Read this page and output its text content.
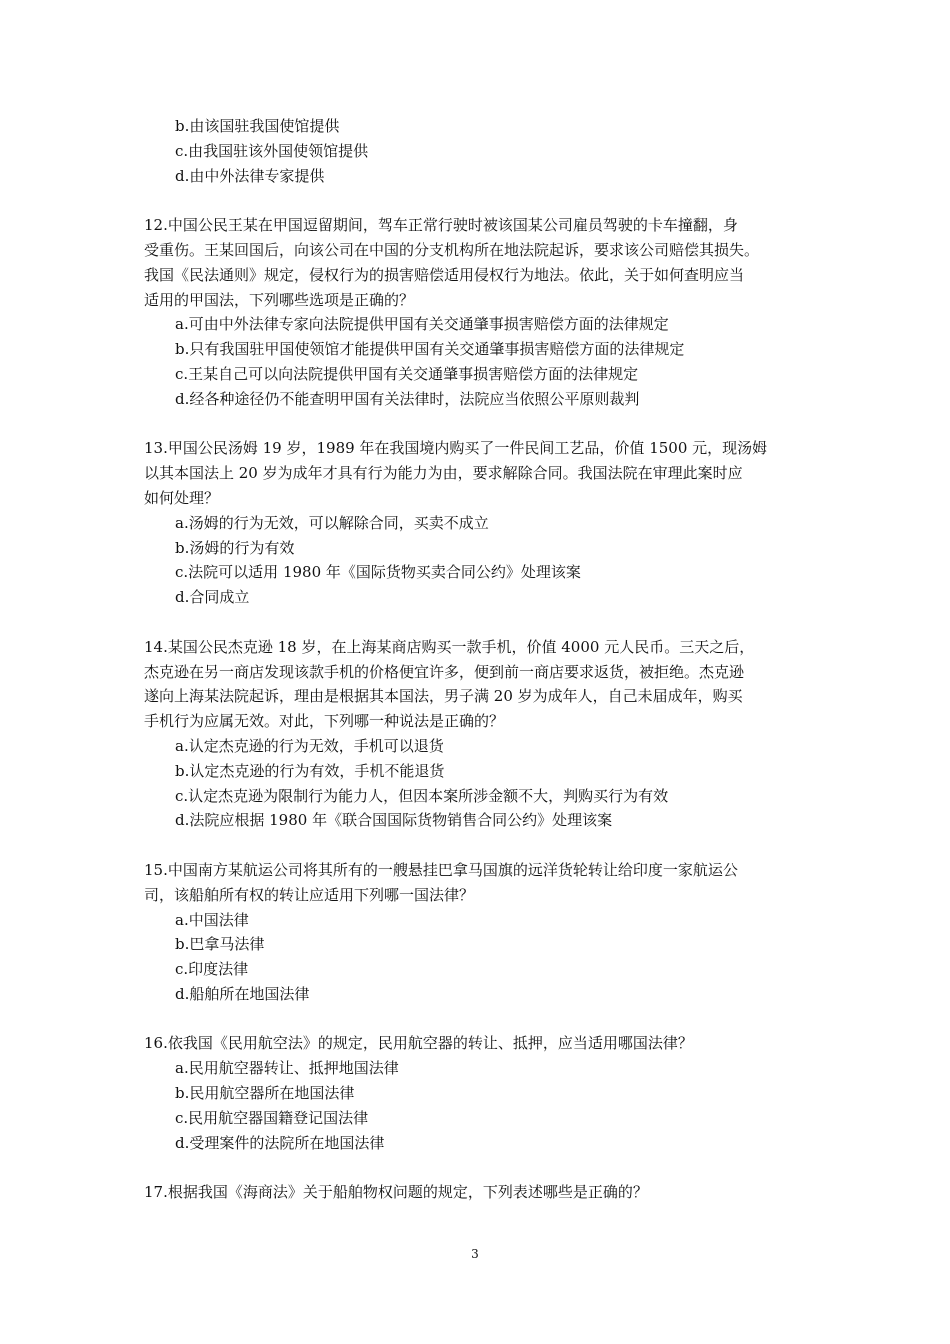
b.由该国驻我国使馆提供
c.由我国驻该外国使领馆提供
d.由中外法律专家提供
12.中国公民王某在甲国逗留期间，驾车正常行驶时被该国某公司雇员驾驶的卡车撞翻，身
受重伤。王某回国后，向该公司在中国的分支机构所在地法院起诉，要求该公司赔偿其损失。
我国《民法通则》规定，侵权行为的损害赔偿适用侵权行为地法。依此，关于如何查明应当
适用的甲国法，下列哪些选项是正确的？
a.可由中外法律专家向法院提供甲国有关交通肇事损害赔偿方面的法律规定
b.只有我国驻甲国使领馆才能提供甲国有关交通肇事损害赔偿方面的法律规定
c.王某自己可以向法院提供甲国有关交通肇事损害赔偿方面的法律规定
d.经各种途径仍不能查明甲国有关法律时，法院应当依照公平原则裁判
13.甲国公民汤姆 19 岁，1989 年在我国境内购买了一件民间工艺品，价值 1500 元，现汤姆
以其本国法上 20 岁为成年才具有行为能力为由，要求解除合同。我国法院在审理此案时应
如何处理？
a.汤姆的行为无效，可以解除合同，买卖不成立
b.汤姆的行为有效
c.法院可以适用 1980 年《国际货物买卖合同公约》处理该案
d.合同成立
14.某国公民杰克逊 18 岁，在上海某商店购买一款手机，价值 4000 元人民币。三天之后，
杰克逊在另一商店发现该款手机的价格便宜许多，便到前一商店要求返货，被拒绝。杰克逊
遂向上海某法院起诉，理由是根据其本国法，男子满 20 岁为成年人，自己未届成年，购买
手机行为应属无效。对此，下列哪一种说法是正确的？
a.认定杰克逊的行为无效，手机可以退货
b.认定杰克逊的行为有效，手机不能退货
c.认定杰克逊为限制行为能力人，但因本案所涉金额不大，判购买行为有效
d.法院应根据 1980 年《联合国国际货物销售合同公约》处理该案
15.中国南方某航运公司将其所有的一艘悬挂巴拿马国旗的远洋货轮转让给印度一家航运公
司，该船舶所有权的转让应适用下列哪一国法律？
a.中国法律
b.巴拿马法律
c.印度法律
d.船舶所在地国法律
16.依我国《民用航空法》的规定，民用航空器的转让、抵押，应当适用哪国法律？
a.民用航空器转让、抵押地国法律
b.民用航空器所在地国法律
c.民用航空器国籍登记国法律
d.受理案件的法院所在地国法律
17.根据我国《海商法》关于船舶物权问题的规定，下列表述哪些是正确的？
3
